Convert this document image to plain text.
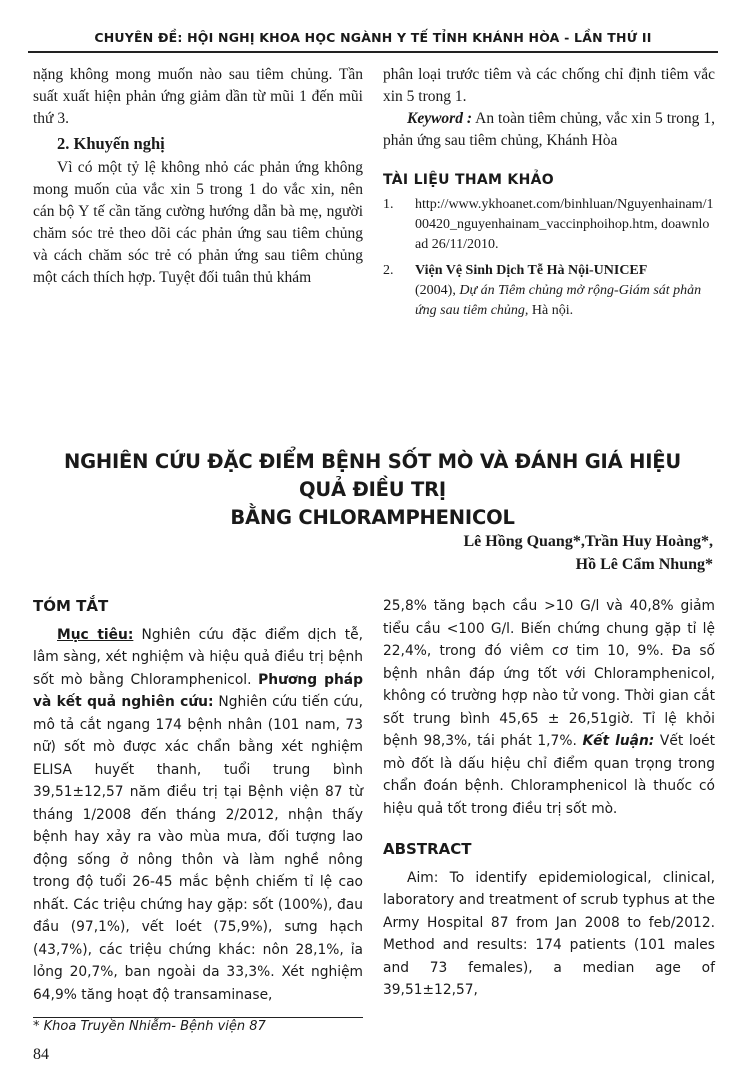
CHUYÊN ĐỀ: HỘI NGHỊ KHOA HỌC NGÀNH Y TẾ TỈNH KHÁNH HÒA - LẦN THỨ II

nặng không mong muốn nào sau tiêm chủng. Tần suất xuất hiện phản ứng giảm dần từ mũi 1 đến mũi thứ 3.

2. Khuyến nghị

Vì có một tỷ lệ không nhỏ các phản ứng không mong muốn của vắc xin 5 trong 1 do vắc xin, nên cán bộ Y tế cần tăng cường hướng dẫn bà mẹ, người chăm sóc trẻ theo dõi các phản ứng sau tiêm chủng và cách chăm sóc trẻ có phản ứng sau tiêm chủng một cách thích hợp. Tuyệt đối tuân thủ khám

phân loại trước tiêm và các chống chỉ định tiêm vắc xin 5 trong 1.

Keyword : An toàn tiêm chủng, vắc xin 5 trong 1, phản ứng sau tiêm chủng, Khánh Hòa

TÀI LIỆU THAM KHẢO

1.	http://www.ykhoanet.com/binhluan/Nguyenhainam/100420_nguyenhainam_vaccinphoihop.htm, doawnload 26/11/2010.

2.	Viện Vệ Sinh Dịch Tễ Hà Nội-UNICEF
(2004), Dự án Tiêm chủng mở rộng-Giám sát phản ứng sau tiêm chủng, Hà nội.

NGHIÊN CỨU ĐẶC ĐIỂM BỆNH SỐT MÒ VÀ ĐÁNH GIÁ HIỆU QUẢ ĐIỀU TRỊ
BẰNG CHLORAMPHENICOL
Lê Hồng Quang*,Trần Huy Hoàng*,
Hồ Lê Cẩm Nhung*

TÓM TẮT

Mục tiêu: Nghiên cứu đặc điểm dịch tễ, lâm sàng, xét nghiệm và hiệu quả điều trị bệnh sốt mò bằng Chloramphenicol. Phương pháp và kết quả nghiên cứu: Nghiên cứu tiến cứu, mô tả cắt ngang 174 bệnh nhân (101 nam, 73 nữ) sốt mò được xác chẩn bằng xét nghiệm ELISA huyết thanh, tuổi trung bình 39,51±12,57 năm điều trị tại Bệnh viện 87 từ tháng 1/2008 đến tháng 2/2012, nhận thấy bệnh hay xảy ra vào mùa mưa, đối tượng lao động sống ở nông thôn và làm nghề nông trong độ tuổi 26-45 mắc bệnh chiếm tỉ lệ cao nhất. Các triệu chứng hay gặp: sốt (100%), đau đầu (97,1%), vết loét (75,9%), sưng hạch (43,7%), các triệu chứng khác: nôn 28,1%, ỉa lỏng 20,7%, ban ngoài da 33,3%. Xét nghiệm 64,9% tăng hoạt độ transaminase,

25,8% tăng bạch cầu >10 G/l và 40,8% giảm tiểu cầu <100 G/l. Biến chứng chung gặp tỉ lệ 22,4%, trong đó viêm cơ tim 10, 9%. Đa số bệnh nhân đáp ứng tốt với Chloramphenicol, không có trường hợp nào tử vong. Thời gian cắt sốt trung bình 45,65 ± 26,51giờ. Tỉ lệ khỏi bệnh 98,3%, tái phát 1,7%. Kết luận: Vết loét mò đốt là dấu hiệu chỉ điểm quan trọng trong chẩn đoán bệnh. Chloramphenicol là thuốc có hiệu quả tốt trong điều trị sốt mò.

ABSTRACT

Aim: To identify epidemiological, clinical, laboratory and treatment of scrub typhus at the Army Hospital 87 from Jan 2008 to feb/2012. Method and results: 174 patients (101 males and 73 females), a median age of 39,51±12,57,

* Khoa Truyền Nhiễm- Bệnh viện 87
84
